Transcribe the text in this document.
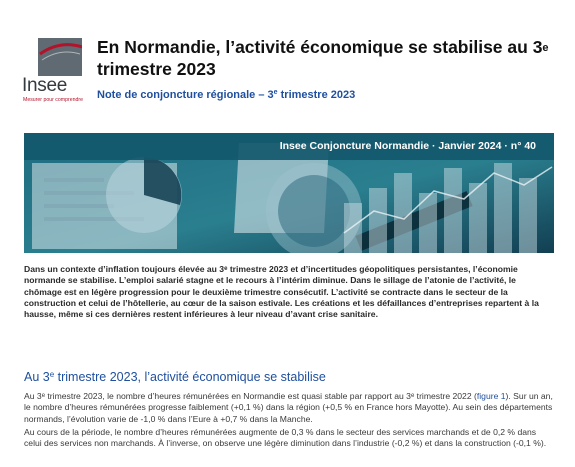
Insee
Mesurer pour comprendre
En Normandie, l’activité économique se stabilise au 3e trimestre 2023
Note de conjoncture régionale – 3e trimestre 2023
Insee Conjoncture Normandie · Janvier 2024 · n° 40
Dans un contexte d’inflation toujours élevée au 3e trimestre 2023 et d’incertitudes géopolitiques persistantes, l’économie normande se stabilise. L’emploi salarié stagne et le recours à l’intérim diminue. Dans le sillage de l’atonie de l’activité, le chômage est en légère progression pour le deuxième trimestre consécutif. L’activité se contracte dans le secteur de la construction et celui de l’hôtellerie, au cœur de la saison estivale. Les créations et les défaillances d’entreprises repartent à la hausse, même si ces dernières restent inférieures à leur niveau d’avant crise sanitaire.
Au 3e trimestre 2023, l’activité économique se stabilise
Au 3e trimestre 2023, le nombre d’heures rémunérées en Normandie est quasi stable par rapport au 3e trimestre 2022 (figure 1). Sur un an, le nombre d’heures rémunérées progresse faiblement (+0,1 %) dans la région (+0,5 % en France hors Mayotte). Au sein des départements normands, l’évolution varie de -1,0 % dans l’Eure à +0,7 % dans la Manche.
Au cours de la période, le nombre d’heures rémunérées augmente de 0,3 % dans le secteur des services marchands et de 0,2 % dans celui des services non marchands. À l’inverse, on observe une légère diminution dans l’industrie (-0,2 %) et dans la construction (-0,1 %).
